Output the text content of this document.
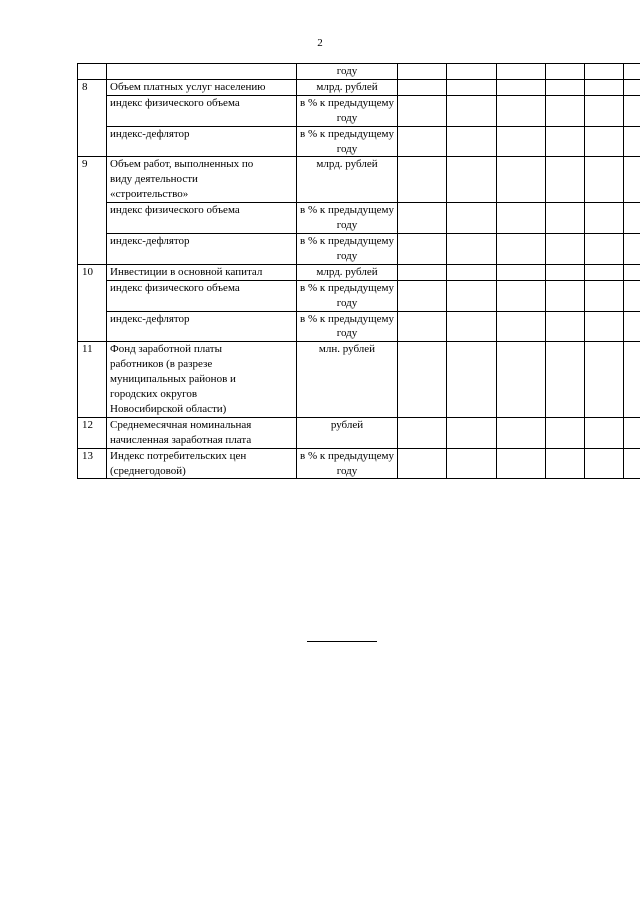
2
		году						
8	Объем платных услуг населению	млрд. рублей						
	индекс физического объема	в % к предыдущему году						
	индекс-дефлятор	в % к предыдущему году						
9	Объем работ, выполненных по виду деятельности «строительство»	млрд. рублей						
	индекс физического объема	в % к предыдущему году						
	индекс-дефлятор	в % к предыдущему году						
10	Инвестиции в основной капитал	млрд. рублей						
	индекс физического объема	в % к предыдущему году						
	индекс-дефлятор	в % к предыдущему году						
11	Фонд заработной платы работников (в разрезе муниципальных районов и городских округов Новосибирской области)	млн. рублей						
12	Среднемесячная номинальная начисленная заработная плата	рублей						
13	Индекс потребительских цен (среднегодовой)	в % к предыдущему году						
